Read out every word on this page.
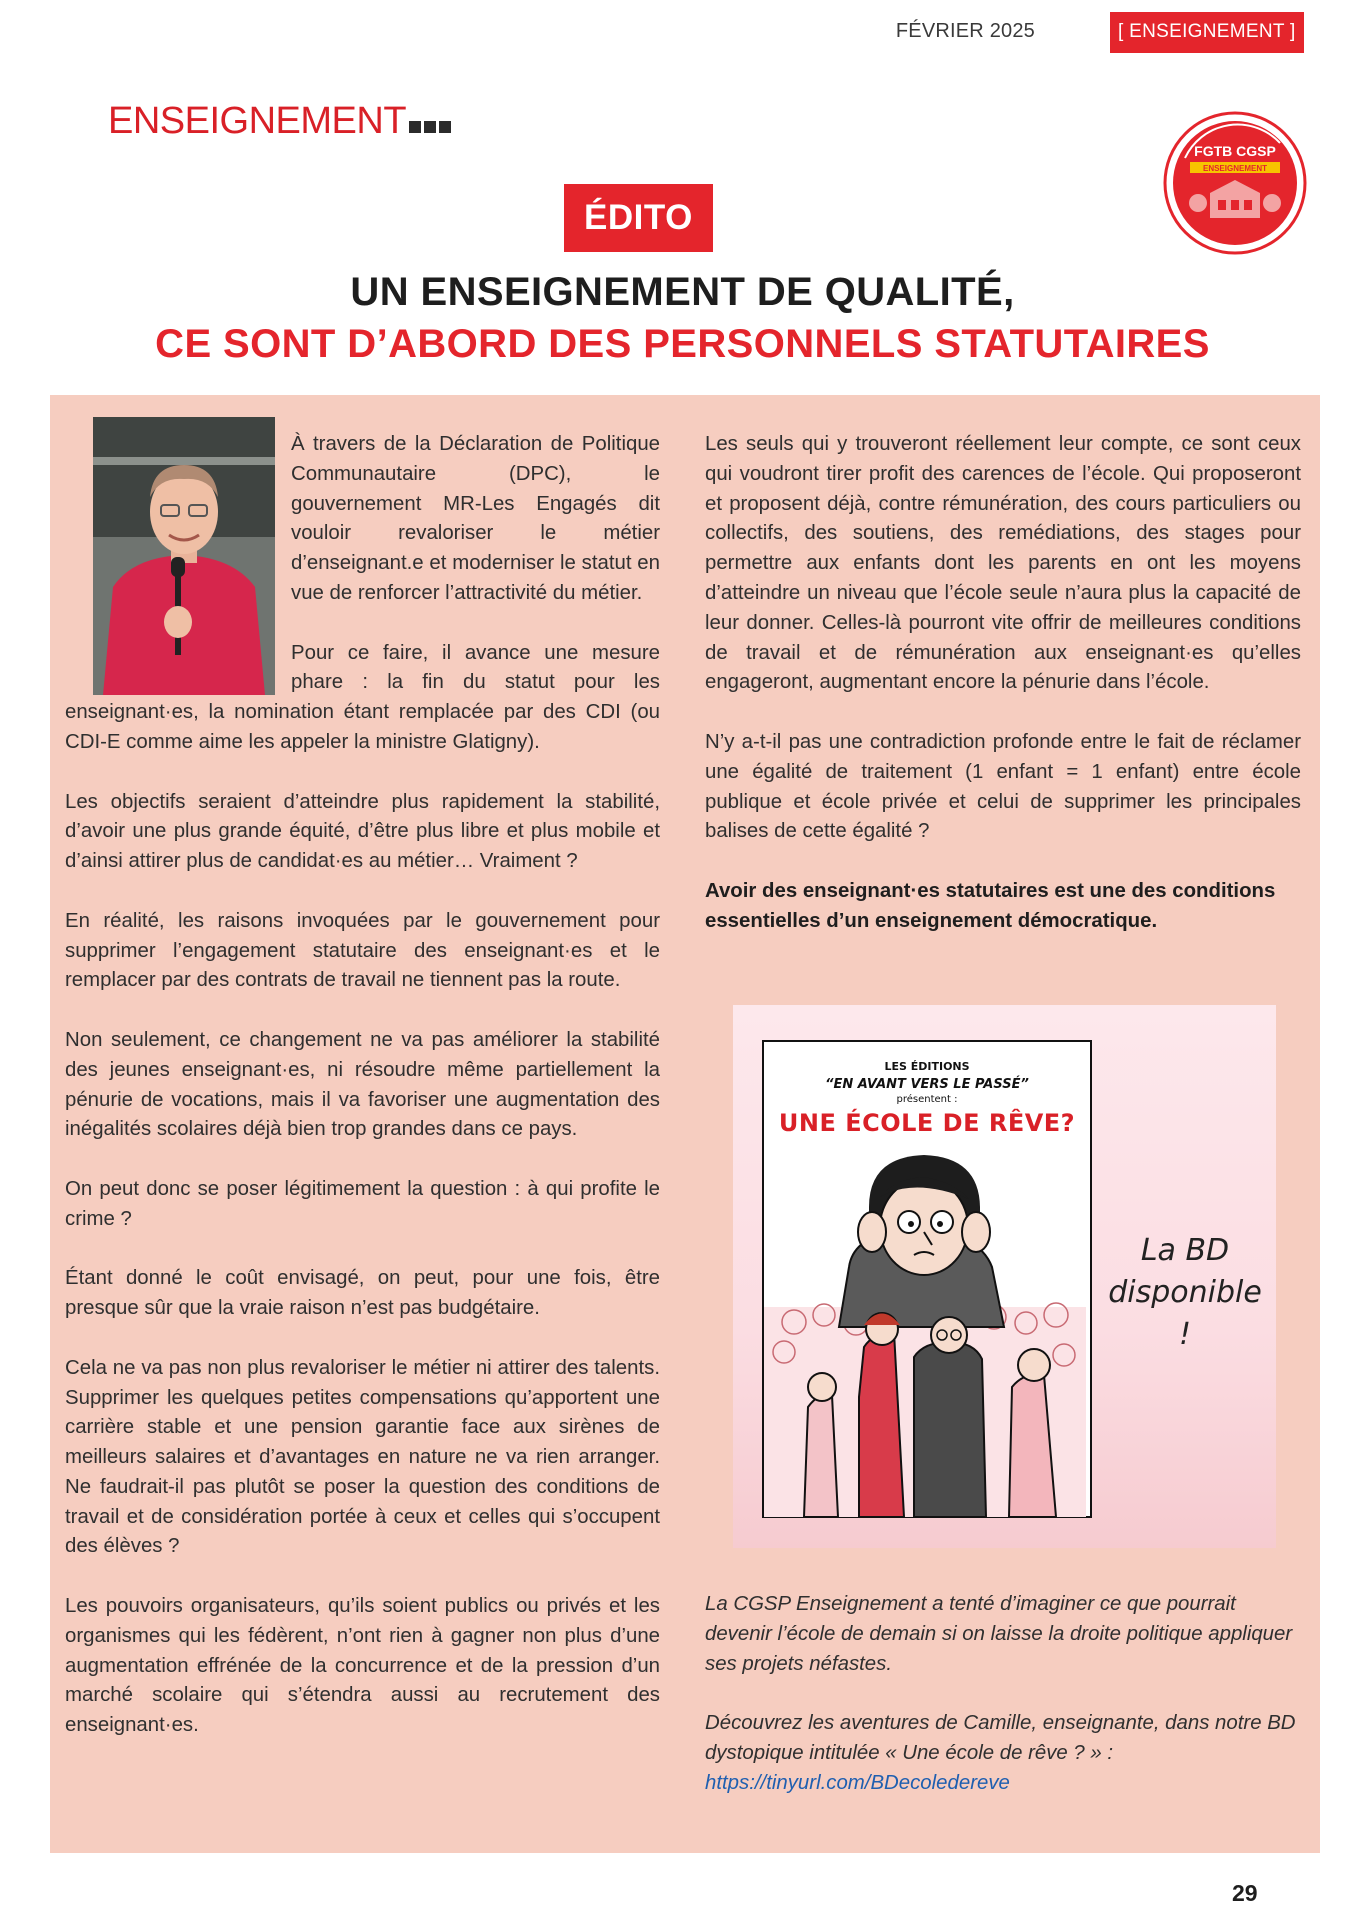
FÉVRIER 2025	[ ENSEIGNEMENT ]
ENSEIGNEMENT
FGTB CGSP
ENSEIGNEMENT
ÉDITO
UN ENSEIGNEMENT DE QUALITÉ,
CE SONT D’ABORD DES PERSONNELS STATUTAIRES

À travers de la Déclaration de Politique Communautaire (DPC), le gouvernement MR-Les Engagés dit vouloir revaloriser le métier d’enseignant.e et moderniser le statut en vue de renforcer l’attractivité du métier.

Pour ce faire, il avance une mesure phare : la fin du statut pour les enseignant·es, la nomination étant remplacée par des CDI (ou CDI-E comme aime les appeler la ministre Glatigny).

Les objectifs seraient d’atteindre plus rapidement la stabilité, d’avoir une plus grande équité, d’être plus libre et plus mobile et d’ainsi attirer plus de candidat·es au métier… Vraiment ?

En réalité, les raisons invoquées par le gouvernement pour supprimer l’engagement statutaire des enseignant·es et le remplacer par des contrats de travail ne tiennent pas la route.

Non seulement, ce changement ne va pas améliorer la stabilité des jeunes enseignant·es, ni résoudre même partiellement la pénurie de vocations, mais il va favoriser une augmentation des inégalités scolaires déjà bien trop grandes dans ce pays.

On peut donc se poser légitimement la question : à qui profite le crime ?

Étant donné le coût envisagé, on peut, pour une fois, être presque sûr que la vraie raison n’est pas budgétaire.

Cela ne va pas non plus revaloriser le métier ni attirer des talents. Supprimer les quelques petites compensations qu’apportent une carrière stable et une pension garantie face aux sirènes de meilleurs salaires et d’avantages en nature ne va rien arranger. Ne faudrait-il pas plutôt se poser la question des conditions de travail et de considération portée à ceux et celles qui s’occupent des élèves ?

Les pouvoirs organisateurs, qu’ils soient publics ou privés et les organismes qui les fédèrent, n’ont rien à gagner non plus d’une augmentation effrénée de la concurrence et de la pression d’un marché scolaire qui s’étendra aussi au recrutement des enseignant·es.

Les seuls qui y trouveront réellement leur compte, ce sont ceux qui voudront tirer profit des carences de l’école. Qui proposeront et proposent déjà, contre rémunération, des cours particuliers ou collectifs, des soutiens, des remédiations, des stages pour permettre aux enfants dont les parents en ont les moyens d’atteindre un niveau que l’école seule n’aura plus la capacité de leur donner. Celles-là pourront vite offrir de meilleures conditions de travail et de rémunération aux enseignant·es qu’elles engageront, augmentant encore la pénurie dans l’école.

N’y a-t-il pas une contradiction profonde entre le fait de réclamer une égalité de traitement (1 enfant = 1 enfant) entre école publique et école privée et celui de supprimer les principales balises de cette égalité ?

Avoir des enseignant·es statutaires est une des conditions essentielles d’un enseignement démocratique.

LES ÉDITIONS
“EN AVANT VERS LE PASSÉ”
présentent :
UNE ÉCOLE DE RÊVE?
La BD
disponible !

La CGSP Enseignement a tenté d’imaginer ce que pourrait devenir l’école de demain si on laisse la droite politique appliquer ses projets néfastes.

Découvrez les aventures de Camille, enseignante, dans notre BD dystopique intitulée « Une école de rêve ? » :
https://tinyurl.com/BDecoledereve
29
